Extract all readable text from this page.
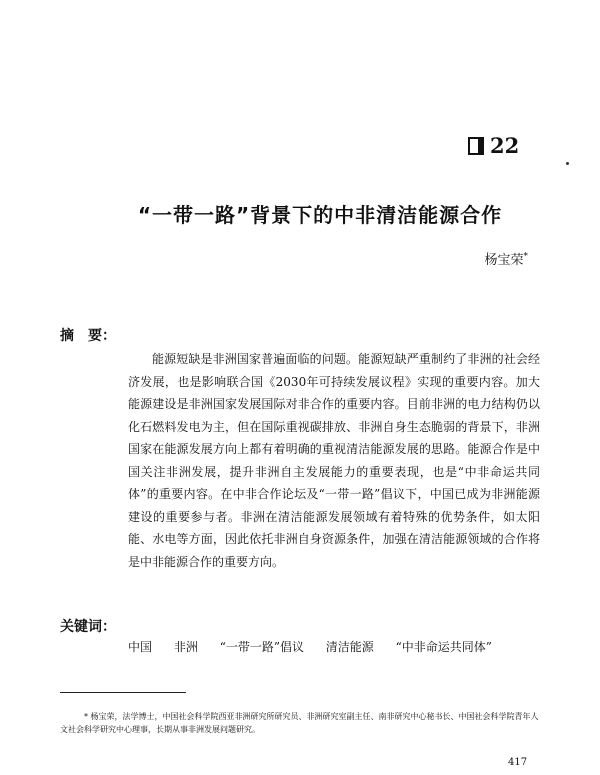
22
“一带一路”背景下的中非清洁能源合作
杨宝荣*
摘　要：
能源短缺是非洲国家普遍面临的问题。能源短缺严重制约了非洲的社会经济发展，也是影响联合国《2030年可持续发展议程》实现的重要内容。加大能源建设是非洲国家发展国际对非合作的重要内容。目前非洲的电力结构仍以化石燃料发电为主，但在国际重视碳排放、非洲自身生态脆弱的背景下，非洲国家在能源发展方向上都有着明确的重视清洁能源发展的思路。能源合作是中国关注非洲发展，提升非洲自主发展能力的重要表现，也是“中非命运共同体”的重要内容。在中非合作论坛及“一带一路”倡议下，中国已成为非洲能源建设的重要参与者。非洲在清洁能源发展领域有着特殊的优势条件，如太阳能、水电等方面，因此依托非洲自身资源条件，加强在清洁能源领域的合作将是中非能源合作的重要方向。
关键词：
中国 非洲 “一带一路”倡议 清洁能源 “中非命运共同体”
* 杨宝荣，法学博士，中国社会科学院西亚非洲研究所研究员、非洲研究室副主任、南非研究中心秘书长、中国社会科学院青年人文社会科学研究中心理事，长期从事非洲发展问题研究。
417
